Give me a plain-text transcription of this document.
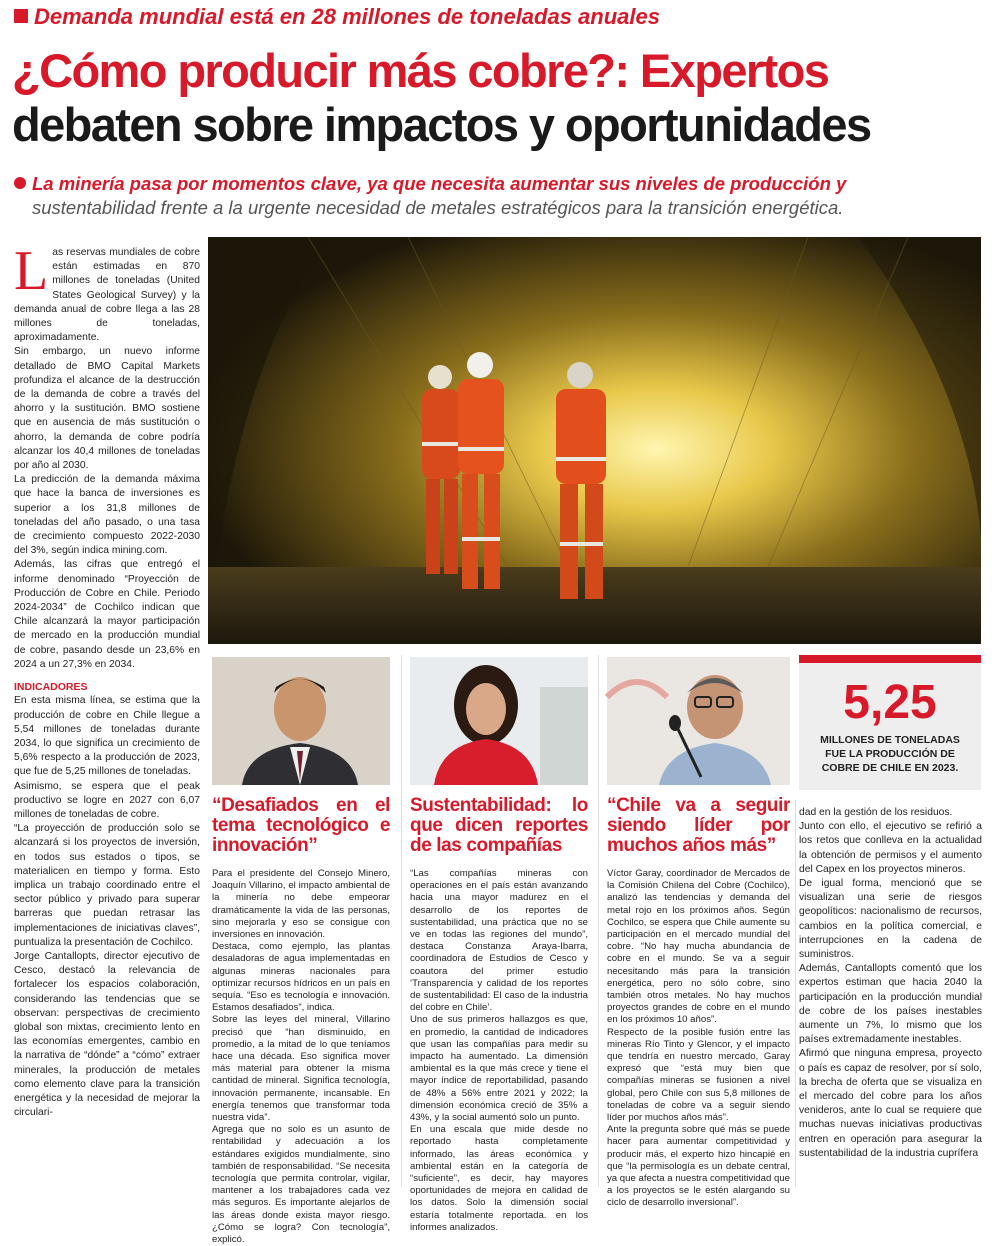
Demanda mundial está en 28 millones de toneladas anuales
¿Cómo producir más cobre?: Expertos
debaten sobre impactos y oportunidades
La minería pasa por momentos clave, ya que necesita aumentar sus niveles de producción y
sustentabilidad frente a la urgente necesidad de metales estratégicos para la transición energética.
L as reservas mundiales de cobre están estimadas en 870 millones de toneladas (United States Geological Survey) y la demanda anual de cobre llega a las 28 millones de toneladas, aproximadamente.

Sin embargo, un nuevo informe detallado de BMO Capital Markets profundiza el alcance de la destrucción de la demanda de cobre a través del ahorro y la sustitución. BMO sostiene que en ausencia de más sustitución o ahorro, la demanda de cobre podría alcanzar los 40,4 millones de toneladas por año al 2030.

La predicción de la demanda máxima que hace la banca de inversiones es superior a los 31,8 millones de toneladas del año pasado, o una tasa de crecimiento compuesto 2022-2030 del 3%, según indica mining.com.

Además, las cifras que entregó el informe denominado “Proyección de Producción de Cobre en Chile. Periodo 2024-2034” de Cochilco indican que Chile alcanzará la mayor participación de mercado en la producción mundial de cobre, pasando desde un 23,6% en 2024 a un 27,3% en 2034.

INDICADORES

En esta misma línea, se estima que la producción de cobre en Chile llegue a 5,54 millones de toneladas durante 2034, lo que significa un crecimiento de 5,6% respecto a la producción de 2023, que fue de 5,25 millones de toneladas.

Asimismo, se espera que el peak productivo se logre en 2027 con 6,07 millones de toneladas de cobre.

“La proyección de producción solo se alcanzará si los proyectos de inversión, en todos sus estados o tipos, se materialicen en tiempo y forma. Esto implica un trabajo coordinado entre el sector público y privado para superar barreras que puedan retrasar las implementaciones de iniciativas claves”, puntualiza la presentación de Cochilco.

Jorge Cantallopts, director ejecutivo de Cesco, destacó la relevancia de fortalecer los espacios colaboración, considerando las tendencias que se observan: perspectivas de crecimiento global son mixtas, crecimiento lento en las economías emergentes, cambio en la narrativa de “dónde” a “cómo” extraer minerales, la producción de metales como elemento clave para la transición energética y la necesidad de mejorar la circulari-

5,25
MILLONES DE TONELADAS FUE LA PRODUCCIÓN DE COBRE DE CHILE EN 2023.
“Desafiados en el tema tecnológico e innovación”

Para el presidente del Consejo Minero, Joaquín Villarino, el impacto ambiental de la minería no debe empeorar dramáticamente la vida de las personas, sino mejorarla y eso se consigue con inversiones en innovación.

Destaca, como ejemplo, las plantas desaladoras de agua implementadas en algunas mineras nacionales para optimizar recursos hídricos en un país en sequía. “Eso es tecnología e innovación. Estamos desafiados”, indica.

Sobre las leyes del mineral, Villarino precisó que “han disminuido, en promedio, a la mitad de lo que teníamos hace una década. Eso significa mover más material para obtener la misma cantidad de mineral. Significa tecnología, innovación permanente, incansable. En energía tenemos que transformar toda nuestra vida”.

Agrega que no solo es un asunto de rentabilidad y adecuación a los estándares exigidos mundialmente, sino también de responsabilidad. “Se necesita tecnología que permita controlar, vigilar, mantener a los trabajadores cada vez más seguros. Es importante alejarlos de las áreas donde exista mayor riesgo. ¿Cómo se logra? Con tecnología”, explicó.

Sustentabilidad: lo que dicen reportes de las compañías

“Las compañías mineras con operaciones en el país están avanzando hacia una mayor madurez en el desarrollo de los reportes de sustentabilidad, una práctica que no se ve en todas las regiones del mundo”, destaca Constanza Araya-Ibarra, coordinadora de Estudios de Cesco y coautora del primer estudio ‘Transparencia y calidad de los reportes de sustentabilidad: El caso de la industria del cobre en Chile’.

Uno de sus primeros hallazgos es que, en promedio, la cantidad de indicadores que usan las compañías para medir su impacto ha aumentado. La dimensión ambiental es la que más crece y tiene el mayor índice de reportabilidad, pasando de 48% a 56% entre 2021 y 2022; la dimensión económica creció de 35% a 43%, y la social aumentó solo un punto.

En una escala que mide desde no reportado hasta completamente informado, las áreas económica y ambiental están en la categoría de “suficiente”, es decir, hay mayores oportunidades de mejora en calidad de los datos. Solo la dimensión social estaría totalmente reportada. en los informes analizados.

“Chile va a seguir siendo líder por muchos años más”

Víctor Garay, coordinador de Mercados de la Comisión Chilena del Cobre (Cochilco), analizó las tendencias y demanda del metal rojo en los próximos años. Según Cochilco, se espera que Chile aumente su participación en el mercado mundial del cobre. “No hay mucha abundancia de cobre en el mundo. Se va a seguir necesitando más para la transición energética, pero no sólo cobre, sino también otros metales. No hay muchos proyectos grandes de cobre en el mundo en los próximos 10 años”.

Respecto de la posible fusión entre las mineras Río Tinto y Glencor, y el impacto que tendría en nuestro mercado, Garay expresó que “está muy bien que compañías mineras se fusionen a nivel global, pero Chile con sus 5,8 millones de toneladas de cobre va a seguir siendo líder por muchos años más”.

Ante la pregunta sobre qué más se puede hacer para aumentar competitividad y producir más, el experto hizo hincapié en que “la permisología es un debate central, ya que afecta a nuestra competitividad que a los proyectos se le estén alargando su ciclo de desarrollo inversional”.

dad en la gestión de los residuos.

Junto con ello, el ejecutivo se refirió a los retos que conlleva en la actualidad la obtención de permisos y el aumento del Capex en los proyectos mineros.

De igual forma, mencionó que se visualizan una serie de riesgos geopolíticos: nacionalismo de recursos, cambios en la política comercial, e interrupciones en la cadena de suministros.

Además, Cantallopts comentó que los expertos estiman que hacia 2040 la participación en la producción mundial de cobre de los países inestables aumente un 7%, lo mismo que los países extremadamente inestables.

Afirmó que ninguna empresa, proyecto o país es capaz de resolver, por sí solo, la brecha de oferta que se visualiza en el mercado del cobre para los años venideros, ante lo cual se requiere que muchas nuevas iniciativas productivas entren en operación para asegurar la sustentabilidad de la industria cuprífera
